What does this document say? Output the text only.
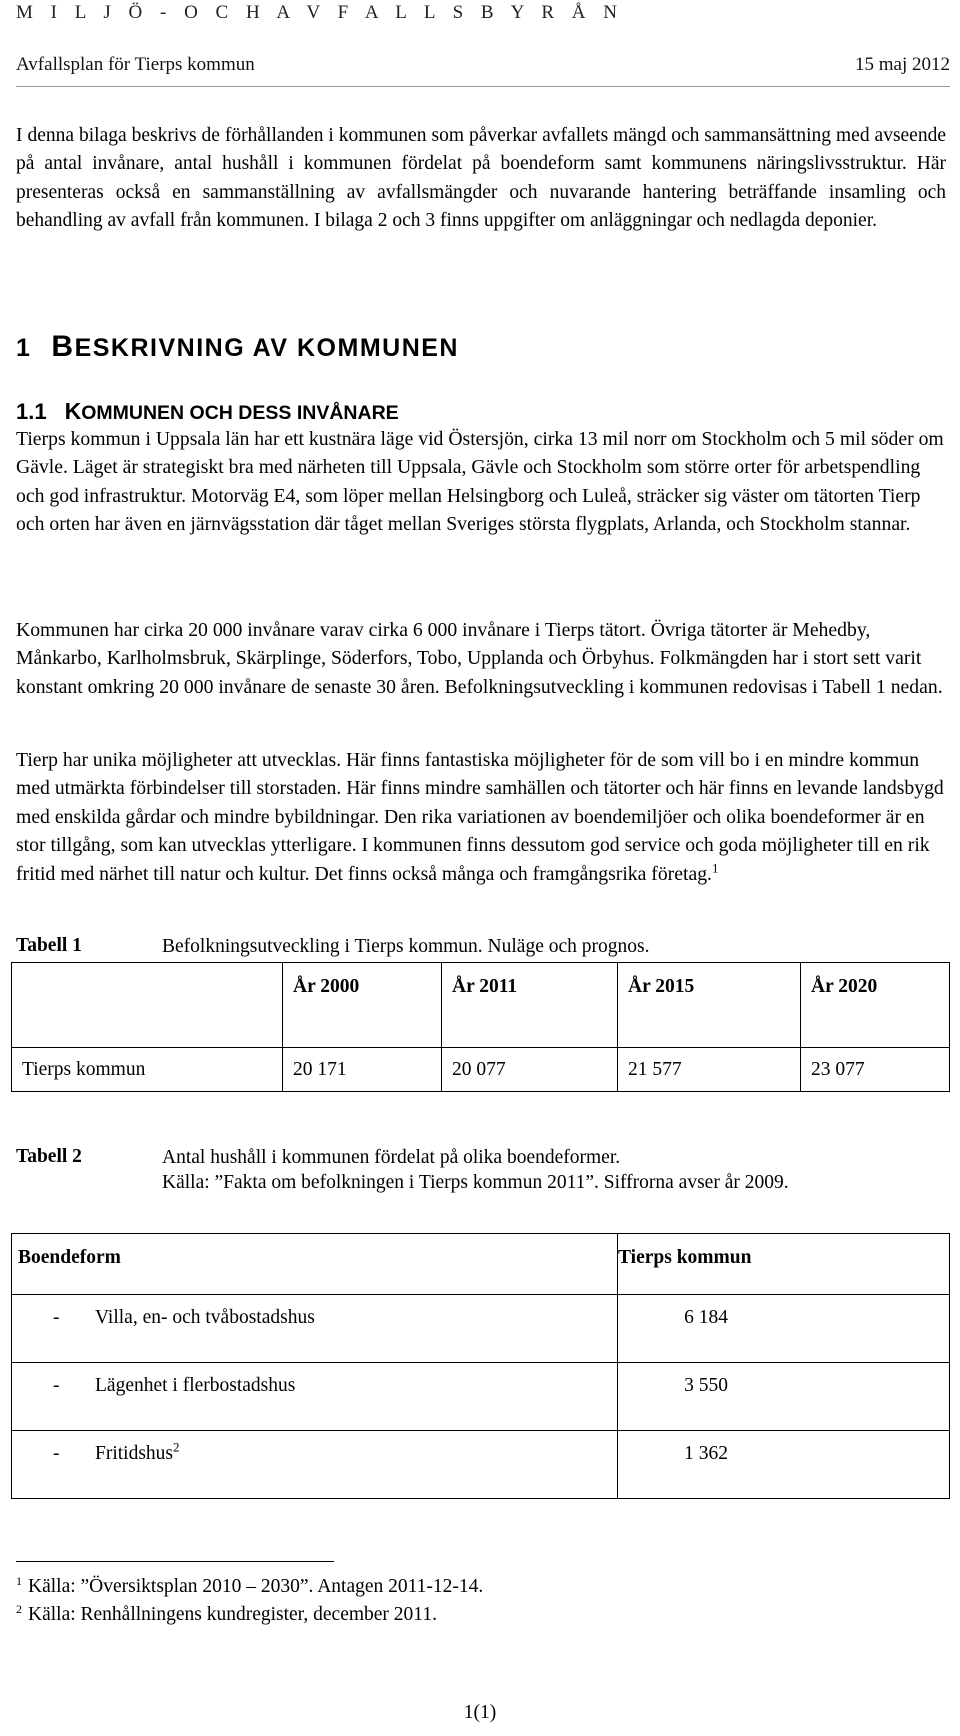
M I L J Ö - O C H A V F A L L S B Y R Å N
Avfallsplan för Tierps kommun	15 maj 2012

I denna bilaga beskrivs de förhållanden i kommunen som påverkar avfallets mängd och sammansättning med avseende på antal invånare, antal hushåll i kommunen fördelat på boendeform samt kommunens näringslivsstruktur. Här presenteras också en sammanställning av avfallsmängder och nuvarande hantering beträffande insamling och behandling av avfall från kommunen. I bilaga 2 och 3 finns uppgifter om anläggningar och nedlagda deponier.

1 BESKRIVNING AV KOMMUNEN
1.1 KOMMUNEN OCH DESS INVÅNARE

Tierps kommun i Uppsala län har ett kustnära läge vid Östersjön, cirka 13 mil norr om Stockholm och 5 mil söder om Gävle. Läget är strategiskt bra med närheten till Uppsala, Gävle och Stockholm som större orter för arbetspendling och god infrastruktur. Motorväg E4, som löper mellan Helsingborg och Luleå, sträcker sig väster om tätorten Tierp och orten har även en järnvägsstation där tåget mellan Sveriges största flygplats, Arlanda, och Stockholm stannar.

Kommunen har cirka 20 000 invånare varav cirka 6 000 invånare i Tierps tätort. Övriga tätorter är Mehedby, Månkarbo, Karlholmsbruk, Skärplinge, Söderfors, Tobo, Upplanda och Örbyhus. Folkmängden har i stort sett varit konstant omkring 20 000 invånare de senaste 30 åren. Befolkningsutveckling i kommunen redovisas i Tabell 1 nedan.

Tierp har unika möjligheter att utvecklas. Här finns fantastiska möjligheter för de som vill bo i en mindre kommun med utmärkta förbindelser till storstaden. Här finns mindre samhällen och tätorter och här finns en levande landsbygd med enskilda gårdar och mindre bybildningar. Den rika variationen av boendemiljöer och olika boendeformer är en stor tillgång, som kan utvecklas ytterligare. I kommunen finns dessutom god service och goda möjligheter till en rik fritid med närhet till natur och kultur. Det finns också många och framgångsrika företag.$^1$

Tabell 1	Befolkningsutveckling i Tierps kommun. Nuläge och prognos.
	År 2000	År 2011	År 2015	År 2020
Tierps kommun	20 171	20 077	21 577	23 077
Tabell 2	Antal hushåll i kommunen fördelat på olika boendeformer.
Källa: ”Fakta om befolkningen i Tierps kommun 2011”. Siffrorna avser år 2009.
Boendeform	Tierps kommun
- Villa, en- och tvåbostadshus	6 184
- Lägenhet i flerbostadshus	3 550
- Fritidshus$^2$	1 362
$^1$ Källa: ”Översiktsplan 2010 – 2030”. Antagen 2011-12-14.
$^2$ Källa: Renhållningens kundregister, december 2011.
1(1)
